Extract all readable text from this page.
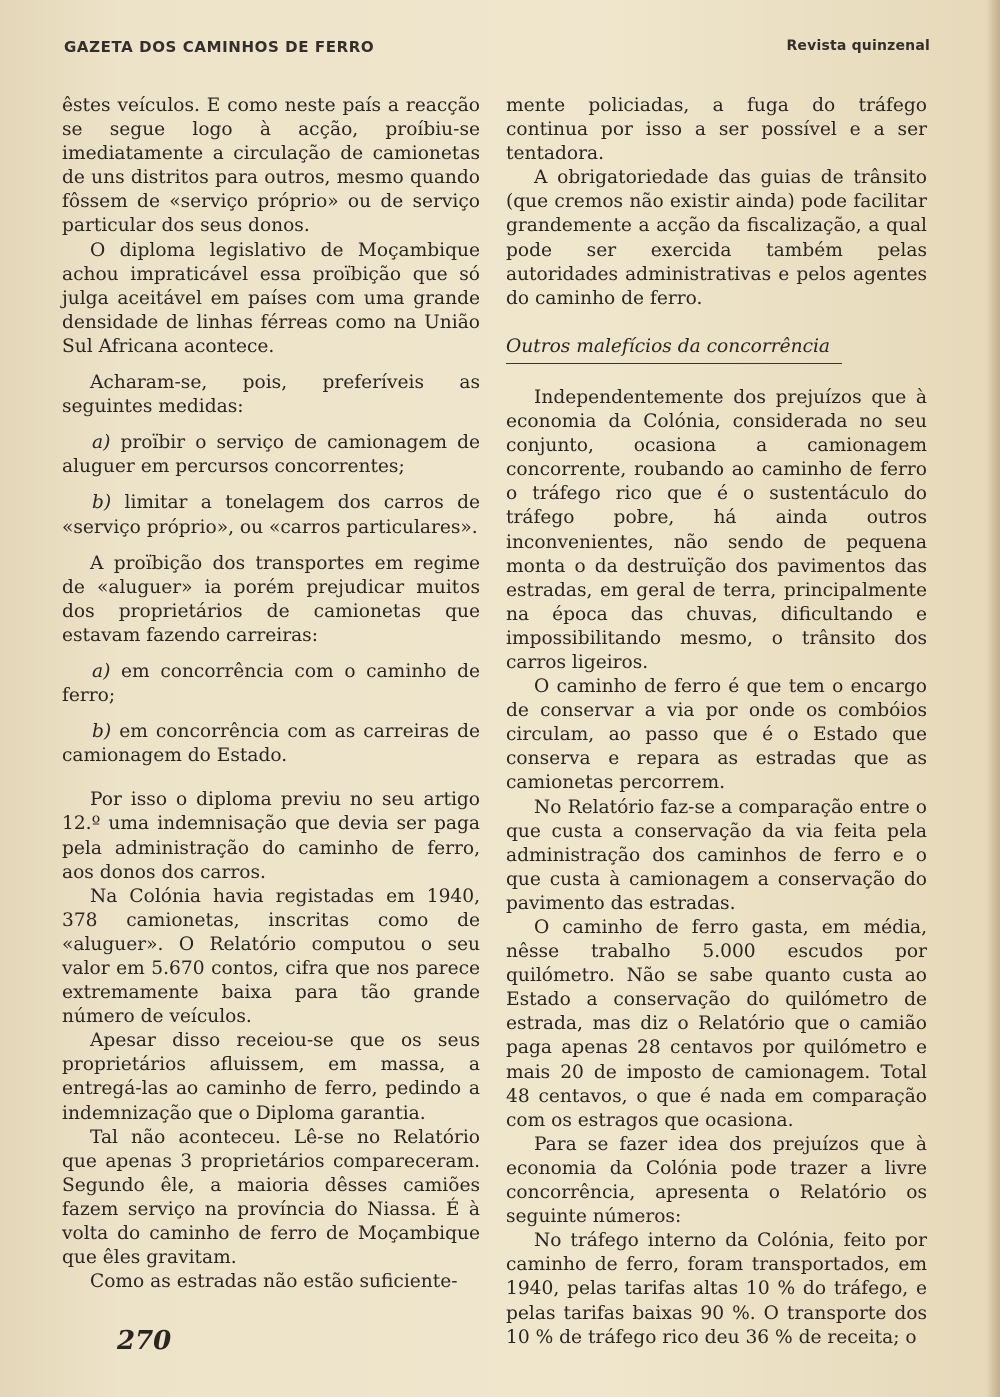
GAZETA DOS CAMINHOS DE FERRO	Revista quinzenal

êstes veículos. E como neste país a reacção se segue logo à acção, proíbiu-se imediatamente a circulação de camionetas de uns distritos para outros, mesmo quando fôssem de «serviço próprio» ou de serviço particular dos seus donos.

O diploma legislativo de Moçambique achou impraticável essa proïbição que só julga aceitável em países com uma grande densidade de linhas férreas como na União Sul Africana acontece.

Acharam-se, pois, preferíveis as seguintes medidas:

a) proïbir o serviço de camionagem de aluguer em percursos concorrentes;

b) limitar a tonelagem dos carros de «serviço próprio», ou «carros particulares».

A proïbição dos transportes em regime de «aluguer» ia porém prejudicar muitos dos proprietários de camionetas que estavam fazendo carreiras:

a) em concorrência com o caminho de ferro;

b) em concorrência com as carreiras de camionagem do Estado.

Por isso o diploma previu no seu artigo 12.º uma indemnisação que devia ser paga pela administração do caminho de ferro, aos donos dos carros.

Na Colónia havia registadas em 1940, 378 camionetas, inscritas como de «aluguer». O Relatório computou o seu valor em 5.670 contos, cifra que nos parece extremamente baixa para tão grande número de veículos.

Apesar disso receiou-se que os seus proprietários afluissem, em massa, a entregá-las ao caminho de ferro, pedindo a indemnização que o Diploma garantia.

Tal não aconteceu. Lê-se no Relatório que apenas 3 proprietários compareceram. Segundo êle, a maioria dêsses camiões fazem serviço na província do Niassa. É à volta do caminho de ferro de Moçambique que êles gravitam.

Como as estradas não estão suficiente-

mente policiadas, a fuga do tráfego continua por isso a ser possível e a ser tentadora.

A obrigatoriedade das guias de trânsito (que cremos não existir ainda) pode facilitar grandemente a acção da fiscalização, a qual pode ser exercida também pelas autoridades administrativas e pelos agentes do caminho de ferro.

Outros malefícios da concorrência

Independentemente dos prejuízos que à economia da Colónia, considerada no seu conjunto, ocasiona a camionagem concorrente, roubando ao caminho de ferro o tráfego rico que é o sustentáculo do tráfego pobre, há ainda outros inconvenientes, não sendo de pequena monta o da destruïção dos pavimentos das estradas, em geral de terra, principalmente na época das chuvas, dificultando e impossibilitando mesmo, o trânsito dos carros ligeiros.

O caminho de ferro é que tem o encargo de conservar a via por onde os combóios circulam, ao passo que é o Estado que conserva e repara as estradas que as camionetas percorrem.

No Relatório faz-se a comparação entre o que custa a conservação da via feita pela administração dos caminhos de ferro e o que custa à camionagem a conservação do pavimento das estradas.

O caminho de ferro gasta, em média, nêsse trabalho 5.000 escudos por quilómetro. Não se sabe quanto custa ao Estado a conservação do quilómetro de estrada, mas diz o Relatório que o camião paga apenas 28 centavos por quilómetro e mais 20 de imposto de camionagem. Total 48 centavos, o que é nada em comparação com os estragos que ocasiona.

Para se fazer idea dos prejuízos que à economia da Colónia pode trazer a livre concorrência, apresenta o Relatório os seguinte números:

No tráfego interno da Colónia, feito por caminho de ferro, foram transportados, em 1940, pelas tarifas altas 10 % do tráfego, e pelas tarifas baixas 90 %. O transporte dos 10 % de tráfego rico deu 36 % de receita; o

270
